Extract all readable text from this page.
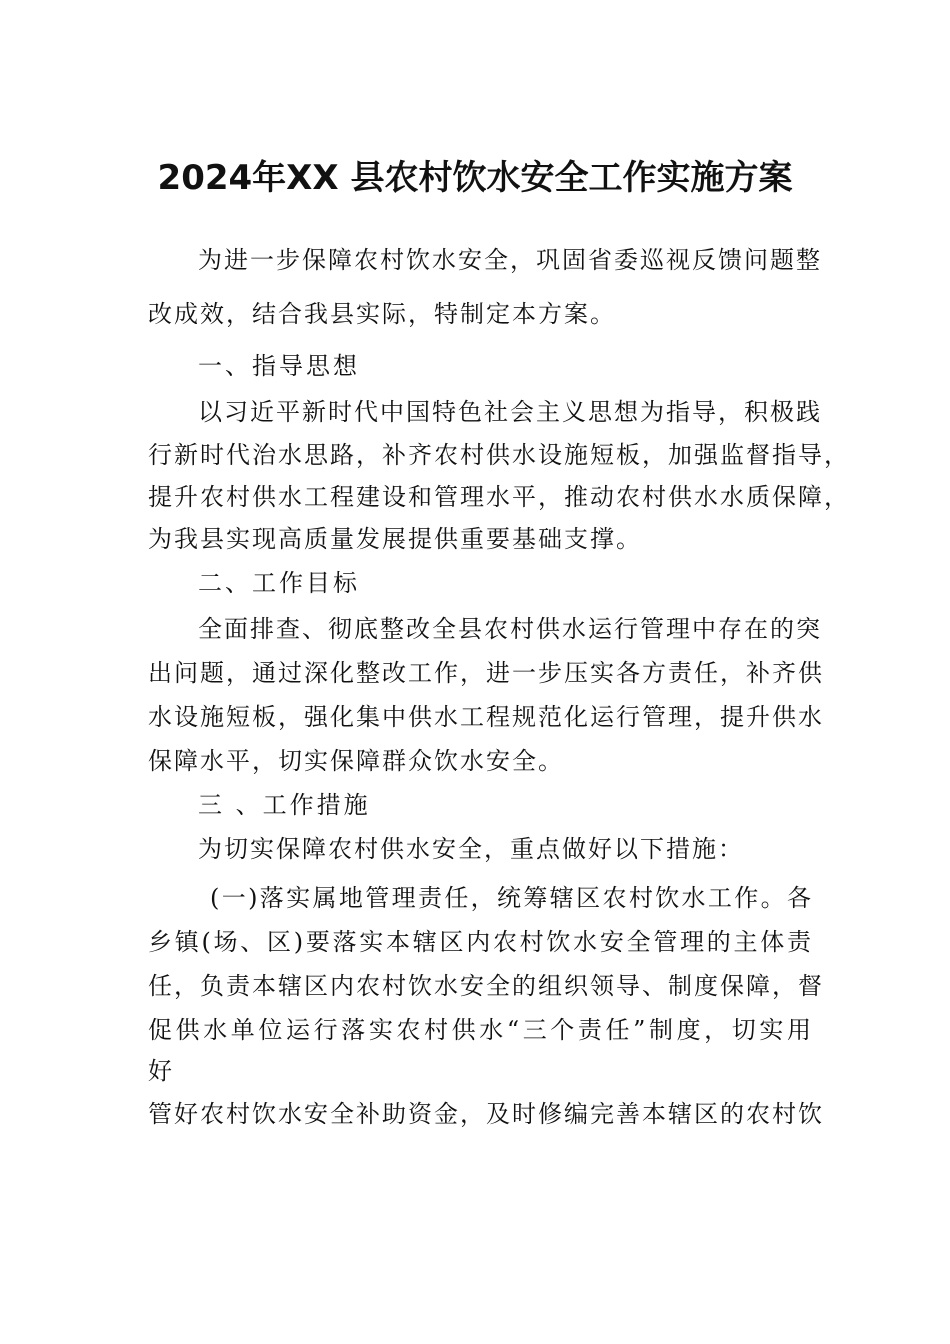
2024年XX 县农村饮水安全工作实施方案

为进一步保障农村饮水安全，巩固省委巡视反馈问题整

改成效，结合我县实际，特制定本方案。

一、指导思想

以习近平新时代中国特色社会主义思想为指导，积极践

行新时代治水思路，补齐农村供水设施短板，加强监督指导，

提升农村供水工程建设和管理水平，推动农村供水水质保障，

为我县实现高质量发展提供重要基础支撑。

二、工作目标

全面排查、彻底整改全县农村供水运行管理中存在的突

出问题，通过深化整改工作，进一步压实各方责任，补齐供

水设施短板，强化集中供水工程规范化运行管理，提升供水

保障水平，切实保障群众饮水安全。

三 、工作措施

为切实保障农村供水安全，重点做好以下措施：

(一)落实属地管理责任，统筹辖区农村饮水工作。各

乡镇(场、区)要落实本辖区内农村饮水安全管理的主体责

任，负责本辖区内农村饮水安全的组织领导、制度保障，督

促供水单位运行落实农村供水“三个责任”制度，切实用

好

管好农村饮水安全补助资金，及时修编完善本辖区的农村饮
